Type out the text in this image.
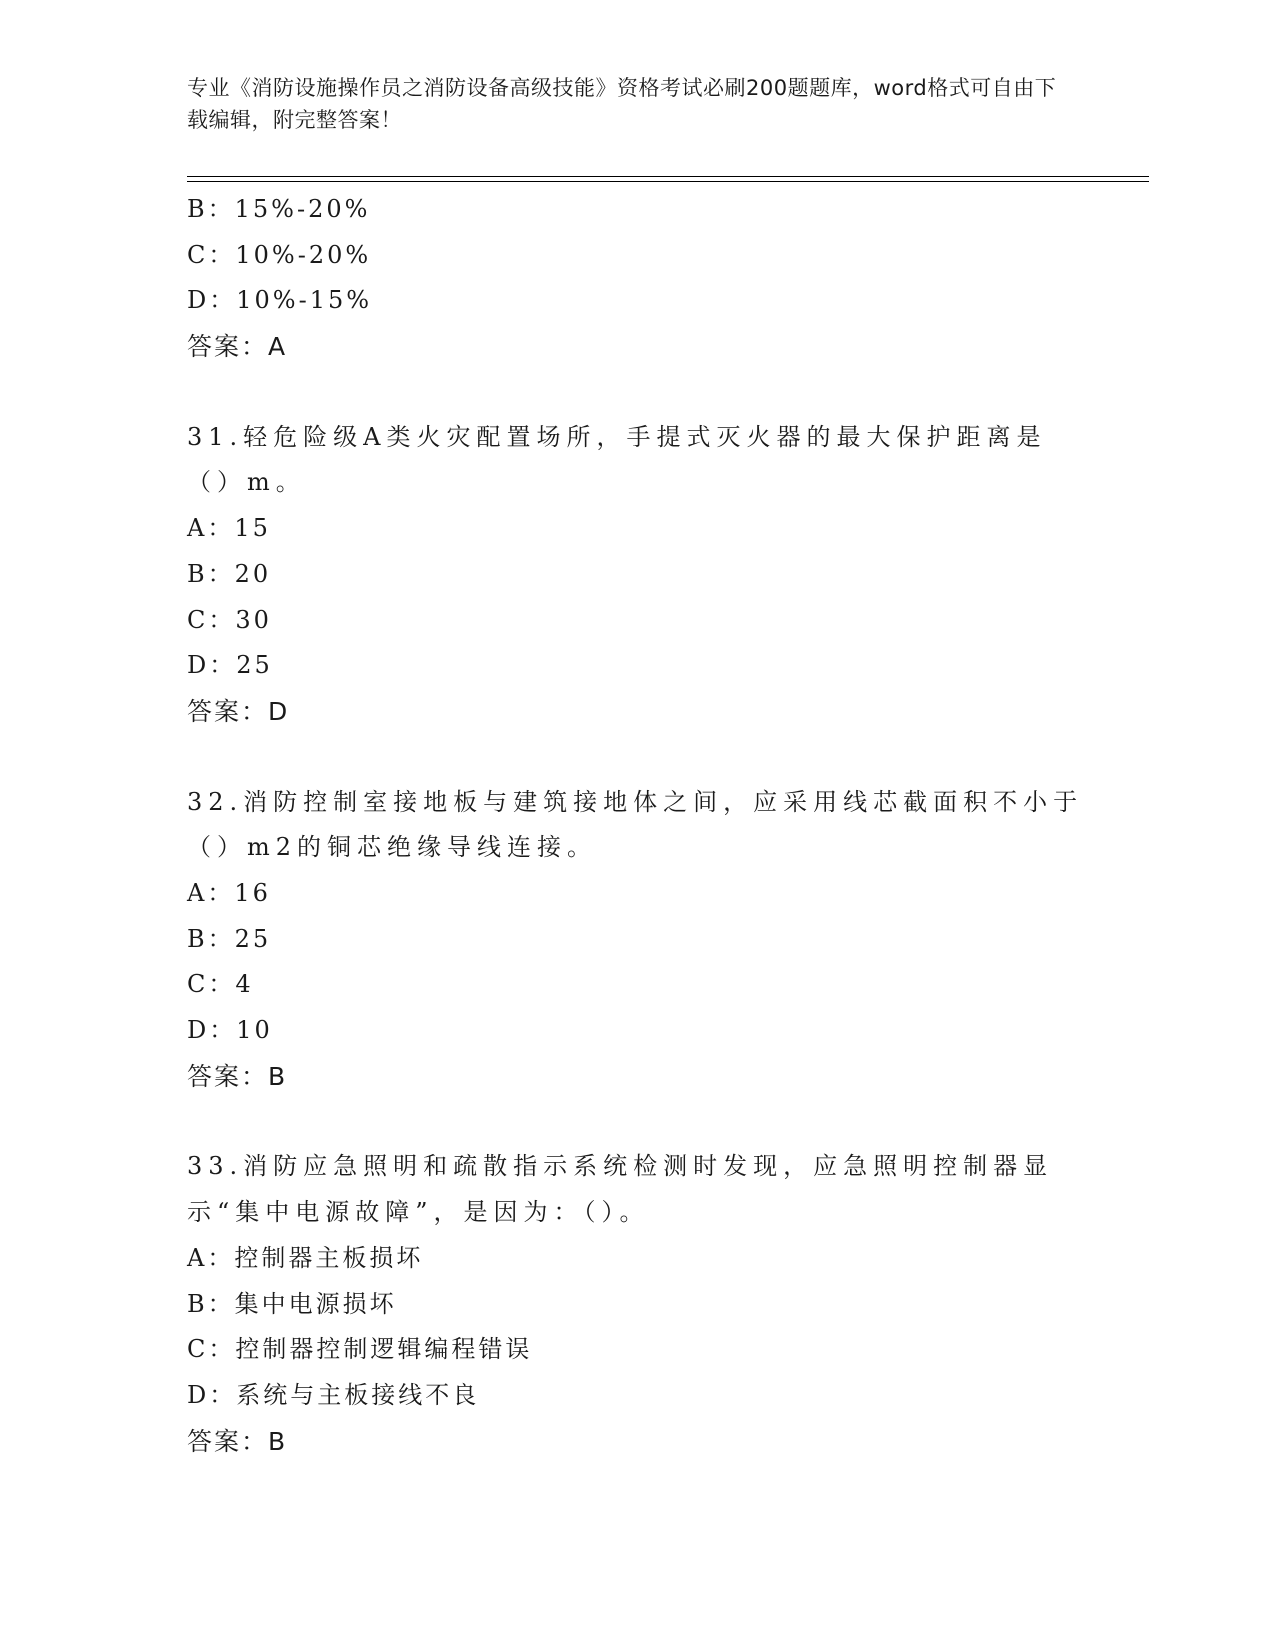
专业《消防设施操作员之消防设备高级技能》资格考试必刷200题题库，word格式可自由下载编辑，附完整答案！
B：15%-20%
C：10%-20%
D：10%-15%
答案：A
31.轻危险级A类火灾配置场所，手提式灭火器的最大保护距离是（）m。
A：15
B：20
C：30
D：25
答案：D
32.消防控制室接地板与建筑接地体之间，应采用线芯截面积不小于（）m2的铜芯绝缘导线连接。
A：16
B：25
C：4
D：10
答案：B
33.消防应急照明和疏散指示系统检测时发现，应急照明控制器显示“集中电源故障”，是因为：（）。
A：控制器主板损坏
B：集中电源损坏
C：控制器控制逻辑编程错误
D：系统与主板接线不良
答案：B
